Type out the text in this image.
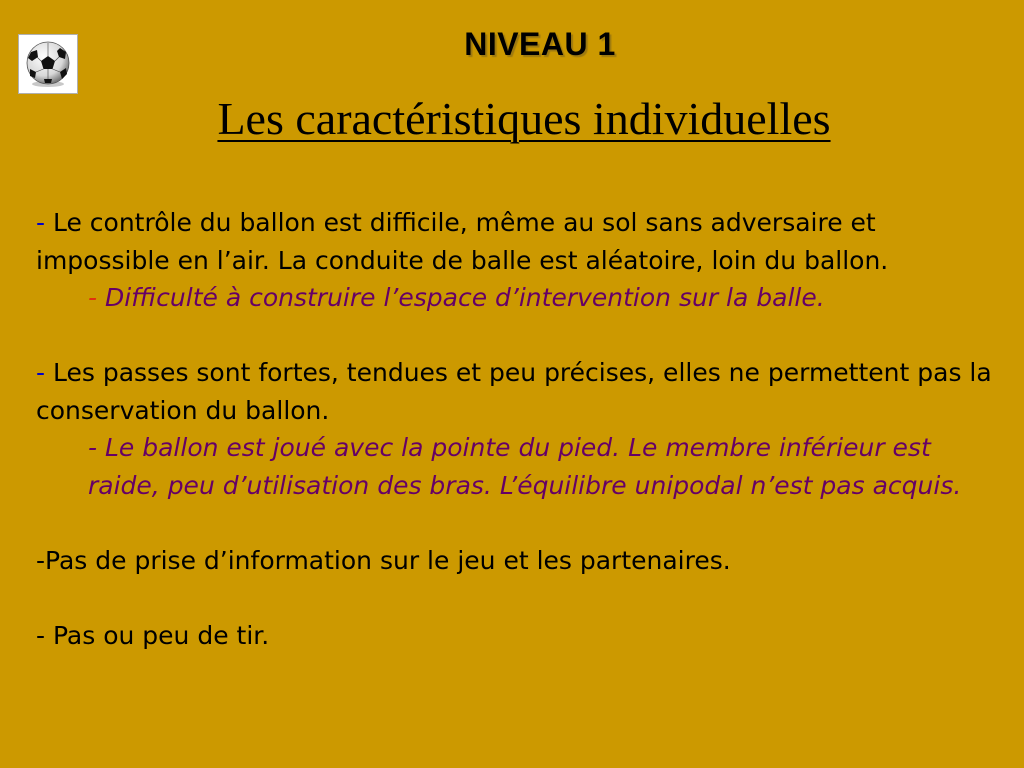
NIVEAU 1
Les caractéristiques individuelles

- Le contrôle du ballon est difficile, même au sol sans adversaire et impossible en l’air. La conduite de balle est aléatoire, loin du ballon.

- Difficulté à construire l’espace d’intervention sur la balle.

- Les passes sont fortes, tendues et peu précises, elles ne permettent pas la conservation du ballon.

- Le ballon est joué avec la pointe du pied. Le membre inférieur est raide, peu d’utilisation des bras. L’équilibre unipodal n’est pas acquis.

-Pas de prise d’information sur le jeu et les partenaires.

- Pas ou peu de tir.
